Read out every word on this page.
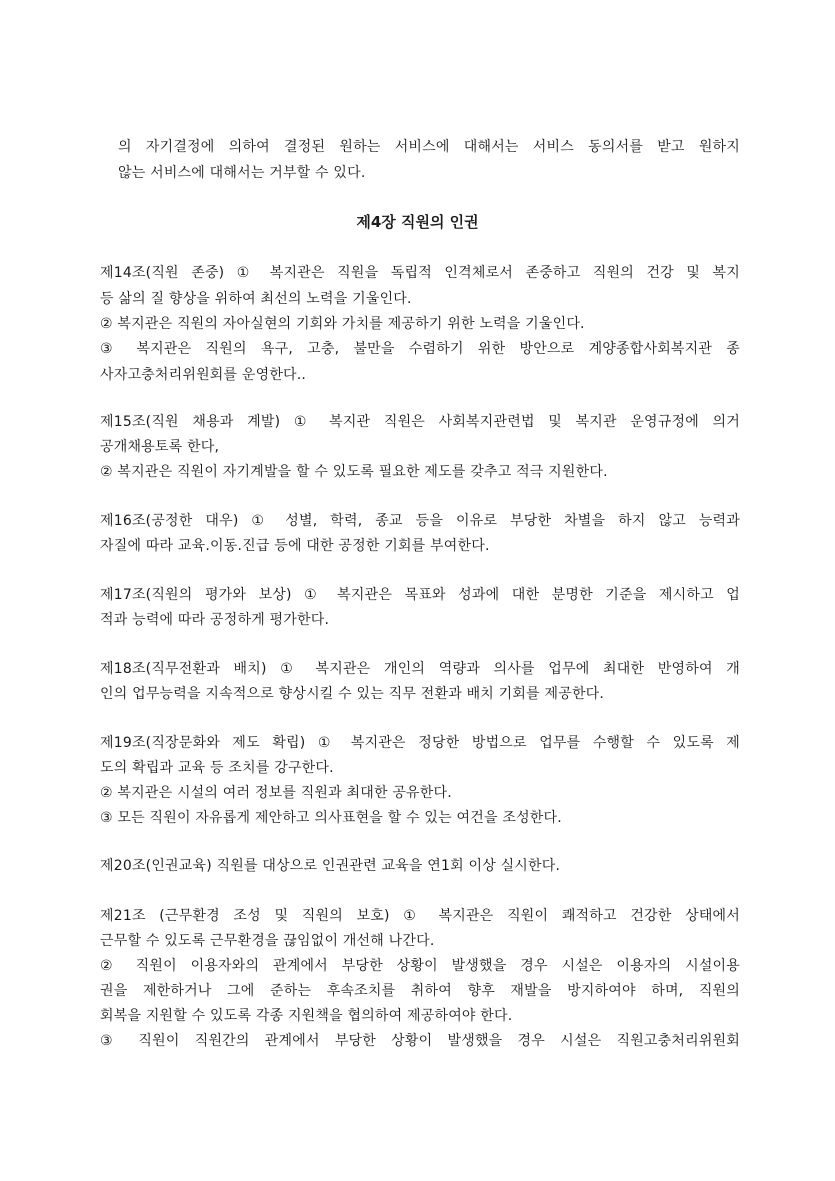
의 자기결정에 의하여 결정된 원하는 서비스에 대해서는 서비스 동의서를 받고 원하지
않는 서비스에 대해서는 거부할 수 있다.
제4장 직원의 인권
제14조(직원 존중) ① 복지관은 직원을 독립적 인격체로서 존중하고 직원의 건강 및 복지
등 삶의 질 향상을 위하여 최선의 노력을 기울인다.
② 복지관은 직원의 자아실현의 기회와 가치를 제공하기 위한 노력을 기울인다.
③ 복지관은 직원의 욕구, 고충, 불만을 수렴하기 위한 방안으로 계양종합사회복지관 종
사자고충처리위원회를 운영한다..
제15조(직원 채용과 계발) ① 복지관 직원은 사회복지관련법 및 복지관 운영규정에 의거
공개채용토록 한다,
② 복지관은 직원이 자기계발을 할 수 있도록 필요한 제도를 갖추고 적극 지원한다.
제16조(공정한 대우) ① 성별, 학력, 종교 등을 이유로 부당한 차별을 하지 않고 능력과
자질에 따라 교육.이동.진급 등에 대한 공정한 기회를 부여한다.
제17조(직원의 평가와 보상) ① 복지관은 목표와 성과에 대한 분명한 기준을 제시하고 업
적과 능력에 따라 공정하게 평가한다.
제18조(직무전환과 배치) ① 복지관은 개인의 역량과 의사를 업무에 최대한 반영하여 개
인의 업무능력을 지속적으로 향상시킬 수 있는 직무 전환과 배치 기회를 제공한다.
제19조(직장문화와 제도 확립) ① 복지관은 정당한 방법으로 업무를 수행할 수 있도록 제
도의 확립과 교육 등 조치를 강구한다.
② 복지관은 시설의 여러 정보를 직원과 최대한 공유한다.
③ 모든 직원이 자유롭게 제안하고 의사표현을 할 수 있는 여건을 조성한다.
제20조(인권교육) 직원를 대상으로 인권관련 교육을 연1회 이상 실시한다.
제21조 (근무환경 조성 및 직원의 보호) ① 복지관은 직원이 쾌적하고 건강한 상태에서
근무할 수 있도록 근무환경을 끊임없이 개선해 나간다.
② 직원이 이용자와의 관계에서 부당한 상황이 발생했을 경우 시설은 이용자의 시설이용
권을 제한하거나 그에 준하는 후속조치를 취하여 향후 재발을 방지하여야 하며, 직원의
회복을 지원할 수 있도록 각종 지원책을 협의하여 제공하여야 한다.
③ 직원이 직원간의 관계에서 부당한 상황이 발생했을 경우 시설은 직원고충처리위원회
